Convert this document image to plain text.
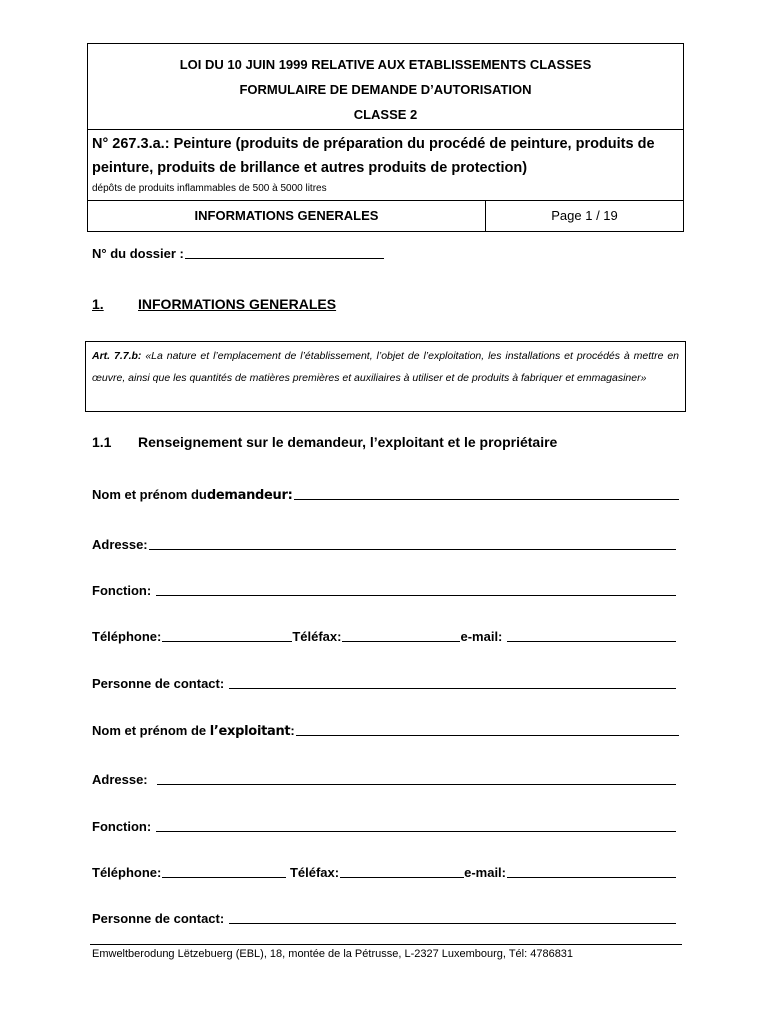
LOI DU 10 JUIN 1999 RELATIVE AUX ETABLISSEMENTS CLASSES
FORMULAIRE DE DEMANDE D’AUTORISATION
CLASSE 2
N° 267.3.a.: Peinture (produits de préparation du procédé de peinture, produits de peinture, produits de brillance et autres produits de protection)
dépôts de produits inflammables de 500 à 5000 litres
INFORMATIONS GENERALES	Page 1 / 19
N° du dossier :
1. INFORMATIONS GENERALES
Art. 7.7.b: «La nature et l’emplacement de l’établissement, l’objet de l’exploitation, les installations et procédés à mettre en œuvre, ainsi que les quantités de matières premières et auxiliaires à utiliser et de produits à fabriquer et emmagasiner»
1.1 Renseignement sur le demandeur, l’exploitant et le propriétaire
Nom et prénom du demandeur:
Adresse:
Fonction:
Téléphone:	Téléfax:	e-mail:
Personne de contact:
Nom et prénom de l’exploitant :
Adresse:
Fonction:
Téléphone:	Téléfax:	e-mail:
Personne de contact:
Emweltberodung Lëtzebuerg (EBL), 18, montée de la Pétrusse, L-2327 Luxembourg, Tél: 4786831
